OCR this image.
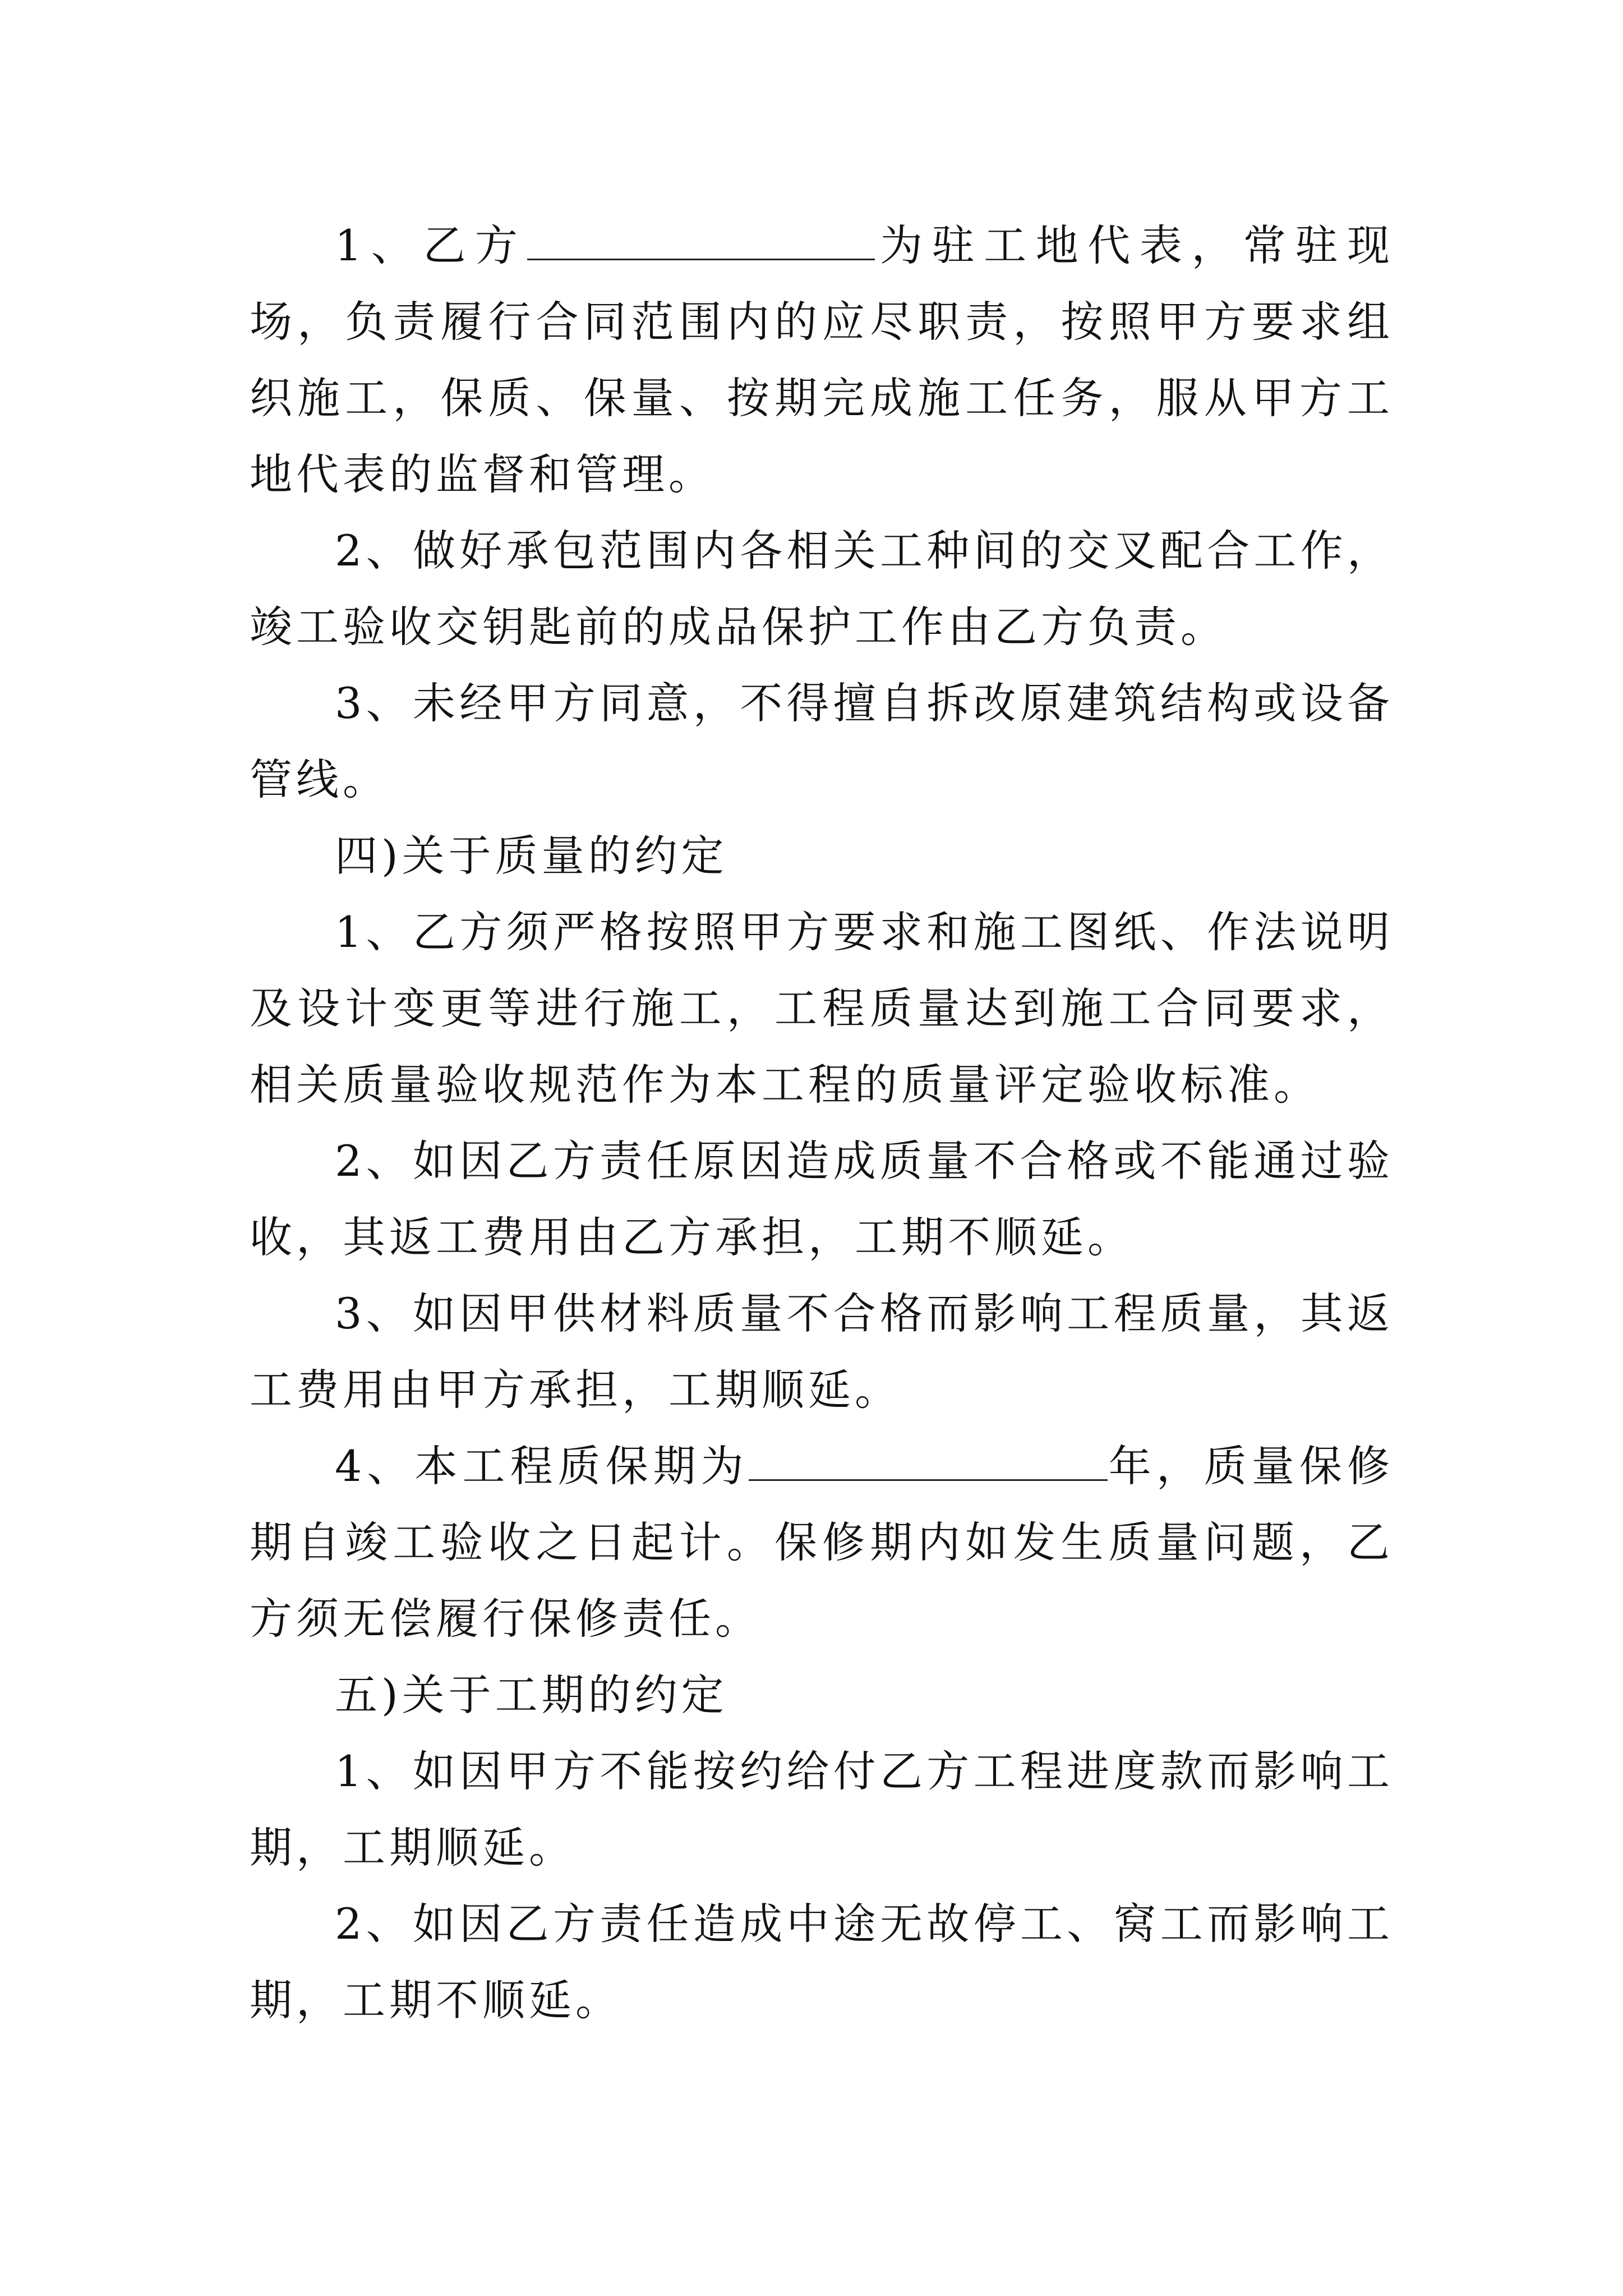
1、乙方	为驻工地代表，常驻现场，负责履行合同范围内的应尽职责，按照甲方要求组织施工，保质、保量、按期完成施工任务，服从甲方工地代表的监督和管理。

2、做好承包范围内各相关工种间的交叉配合工作，竣工验收交钥匙前的成品保护工作由乙方负责。

3、未经甲方同意，不得擅自拆改原建筑结构或设备管线。

四)关于质量的约定

1、乙方须严格按照甲方要求和施工图纸、作法说明及设计变更等进行施工，工程质量达到施工合同要求，相关质量验收规范作为本工程的质量评定验收标准。

2、如因乙方责任原因造成质量不合格或不能通过验收，其返工费用由乙方承担，工期不顺延。

3、如因甲供材料质量不合格而影响工程质量，其返工费用由甲方承担，工期顺延。

4、本工程质保期为	年，质量保修期自竣工验收之日起计。保修期内如发生质量问题，乙方须无偿履行保修责任。

五)关于工期的约定

1、如因甲方不能按约给付乙方工程进度款而影响工期，工期顺延。

2、如因乙方责任造成中途无故停工、窝工而影响工期，工期不顺延。
